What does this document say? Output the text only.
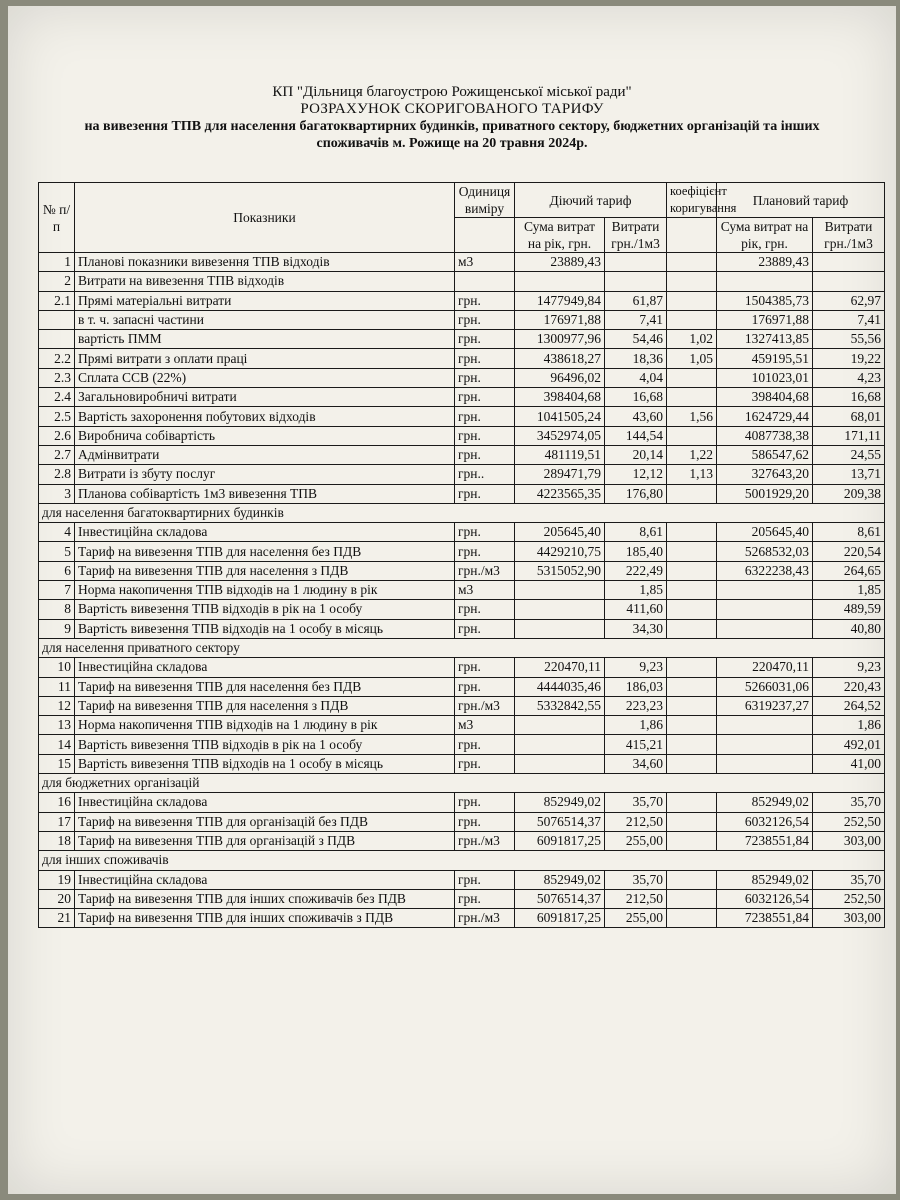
КП "Дільниця благоустрою Рожищенської міської ради"
РОЗРАХУНОК СКОРИГОВАНОГО ТАРИФУ
на вивезення ТПВ для населення багатоквартирних будинків, приватного сектору, бюджетних організацій та інших
споживачів м. Рожище на 20 травня 2024р.
№ п/п	Показники	Одиниця виміру	Діючий тариф		коефіцієнт коригування	Плановий тариф	
			Сума витрат на рік, грн.	Витрати грн./1м3		Сума витрат на рік, грн.	Витрати грн./1м3
1	Планові показники вивезення ТПВ відходів	м3	23889,43			23889,43	
2	Витрати на вивезення ТПВ відходів						
2.1	Прямі матеріальні витрати	грн.	1477949,84	61,87		1504385,73	62,97
	в т. ч. запасні частини	грн.	176971,88	7,41		176971,88	7,41
	вартість ПММ	грн.	1300977,96	54,46	1,02	1327413,85	55,56
2.2	Прямі витрати з оплати праці	грн.	438618,27	18,36	1,05	459195,51	19,22
2.3	Сплата ССВ (22%)	грн.	96496,02	4,04		101023,01	4,23
2.4	Загальновиробничі витрати	грн.	398404,68	16,68		398404,68	16,68
2.5	Вартість захоронення побутових відходів	грн.	1041505,24	43,60	1,56	1624729,44	68,01
2.6	Виробнича собівартість	грн.	3452974,05	144,54		4087738,38	171,11
2.7	Адмінвитрати	грн.	481119,51	20,14	1,22	586547,62	24,55
2.8	Витрати із збуту послуг	грн..	289471,79	12,12	1,13	327643,20	13,71
3	Планова собівартість 1м3 вивезення ТПВ	грн.	4223565,35	176,80		5001929,20	209,38
для населення багатоквартирних будинків							
4	Інвестиційна складова	грн.	205645,40	8,61		205645,40	8,61
5	Тариф на вивезення ТПВ для населення без ПДВ	грн.	4429210,75	185,40		5268532,03	220,54
6	Тариф на вивезення ТПВ для населення з ПДВ	грн./м3	5315052,90	222,49		6322238,43	264,65
7	Норма накопичення ТПВ відходів на 1 людину в рік	м3		1,85			1,85
8	Вартість вивезення ТПВ відходів в рік на 1 особу	грн.		411,60			489,59
9	Вартість вивезення ТПВ відходів на 1 особу в місяць	грн.		34,30			40,80
для населення приватного сектору							
10	Інвестиційна складова	грн.	220470,11	9,23		220470,11	9,23
11	Тариф на вивезення ТПВ для населення без ПДВ	грн.	4444035,46	186,03		5266031,06	220,43
12	Тариф на вивезення ТПВ для населення з ПДВ	грн./м3	5332842,55	223,23		6319237,27	264,52
13	Норма накопичення ТПВ відходів на 1 людину в рік	м3		1,86			1,86
14	Вартість вивезення ТПВ відходів в рік на 1 особу	грн.		415,21			492,01
15	Вартість вивезення ТПВ відходів на 1 особу в місяць	грн.		34,60			41,00
для бюджетних організацій							
16	Інвестиційна складова	грн.	852949,02	35,70		852949,02	35,70
17	Тариф на вивезення ТПВ для організацій без ПДВ	грн.	5076514,37	212,50		6032126,54	252,50
18	Тариф на вивезення ТПВ для організацій з ПДВ	грн./м3	6091817,25	255,00		7238551,84	303,00
для інших споживачів							
19	Інвестиційна складова	грн.	852949,02	35,70		852949,02	35,70
20	Тариф на вивезення ТПВ для інших споживачів без ПДВ	грн.	5076514,37	212,50		6032126,54	252,50
21	Тариф на вивезення ТПВ для інших споживачів з ПДВ	грн./м3	6091817,25	255,00		7238551,84	303,00
